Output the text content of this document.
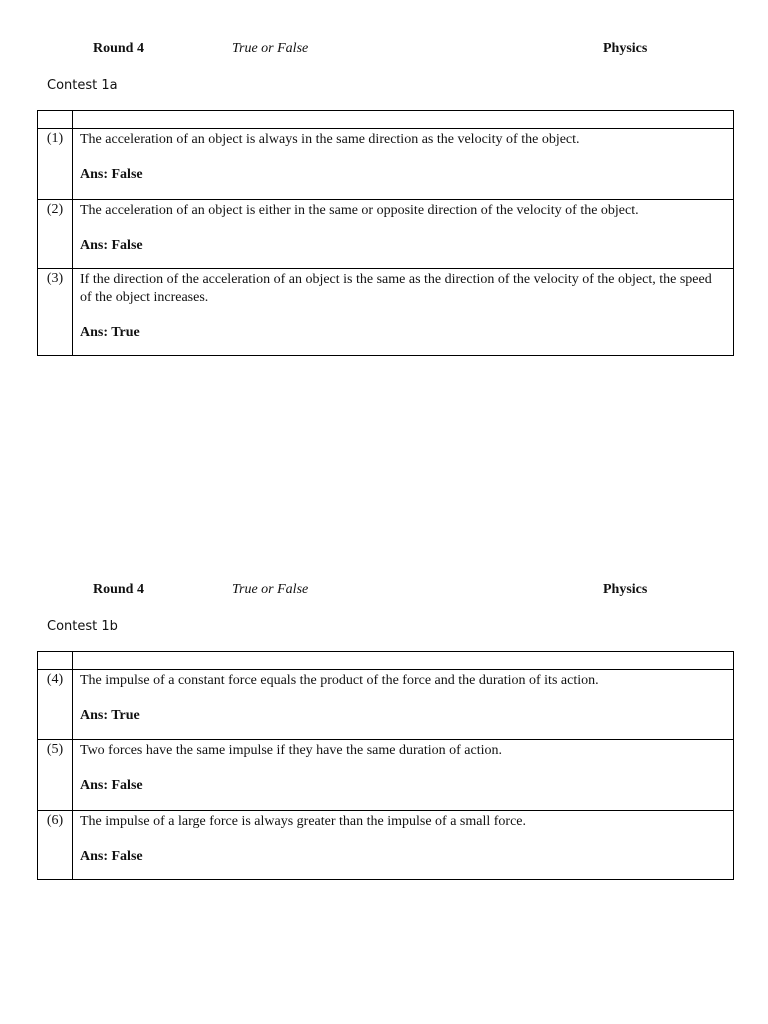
Round 4	True or False	Physics
Contest 1a

(1)	The acceleration of an object is always in the same direction as the velocity of the object.
Ans: False

(2)	The acceleration of an object is either in the same or opposite direction of the velocity of the object.
Ans: False

(3)	If the direction of the acceleration of an object is the same as the direction of the velocity of the object, the speed of the object increases.
Ans: True
Round 4	True or False	Physics
Contest 1b

(4)	The impulse of a constant force equals the product of the force and the duration of its action.
Ans: True

(5)	Two forces have the same impulse if they have the same duration of action.
Ans: False

(6)	The impulse of a large force is always greater than the impulse of a small force.
Ans: False
